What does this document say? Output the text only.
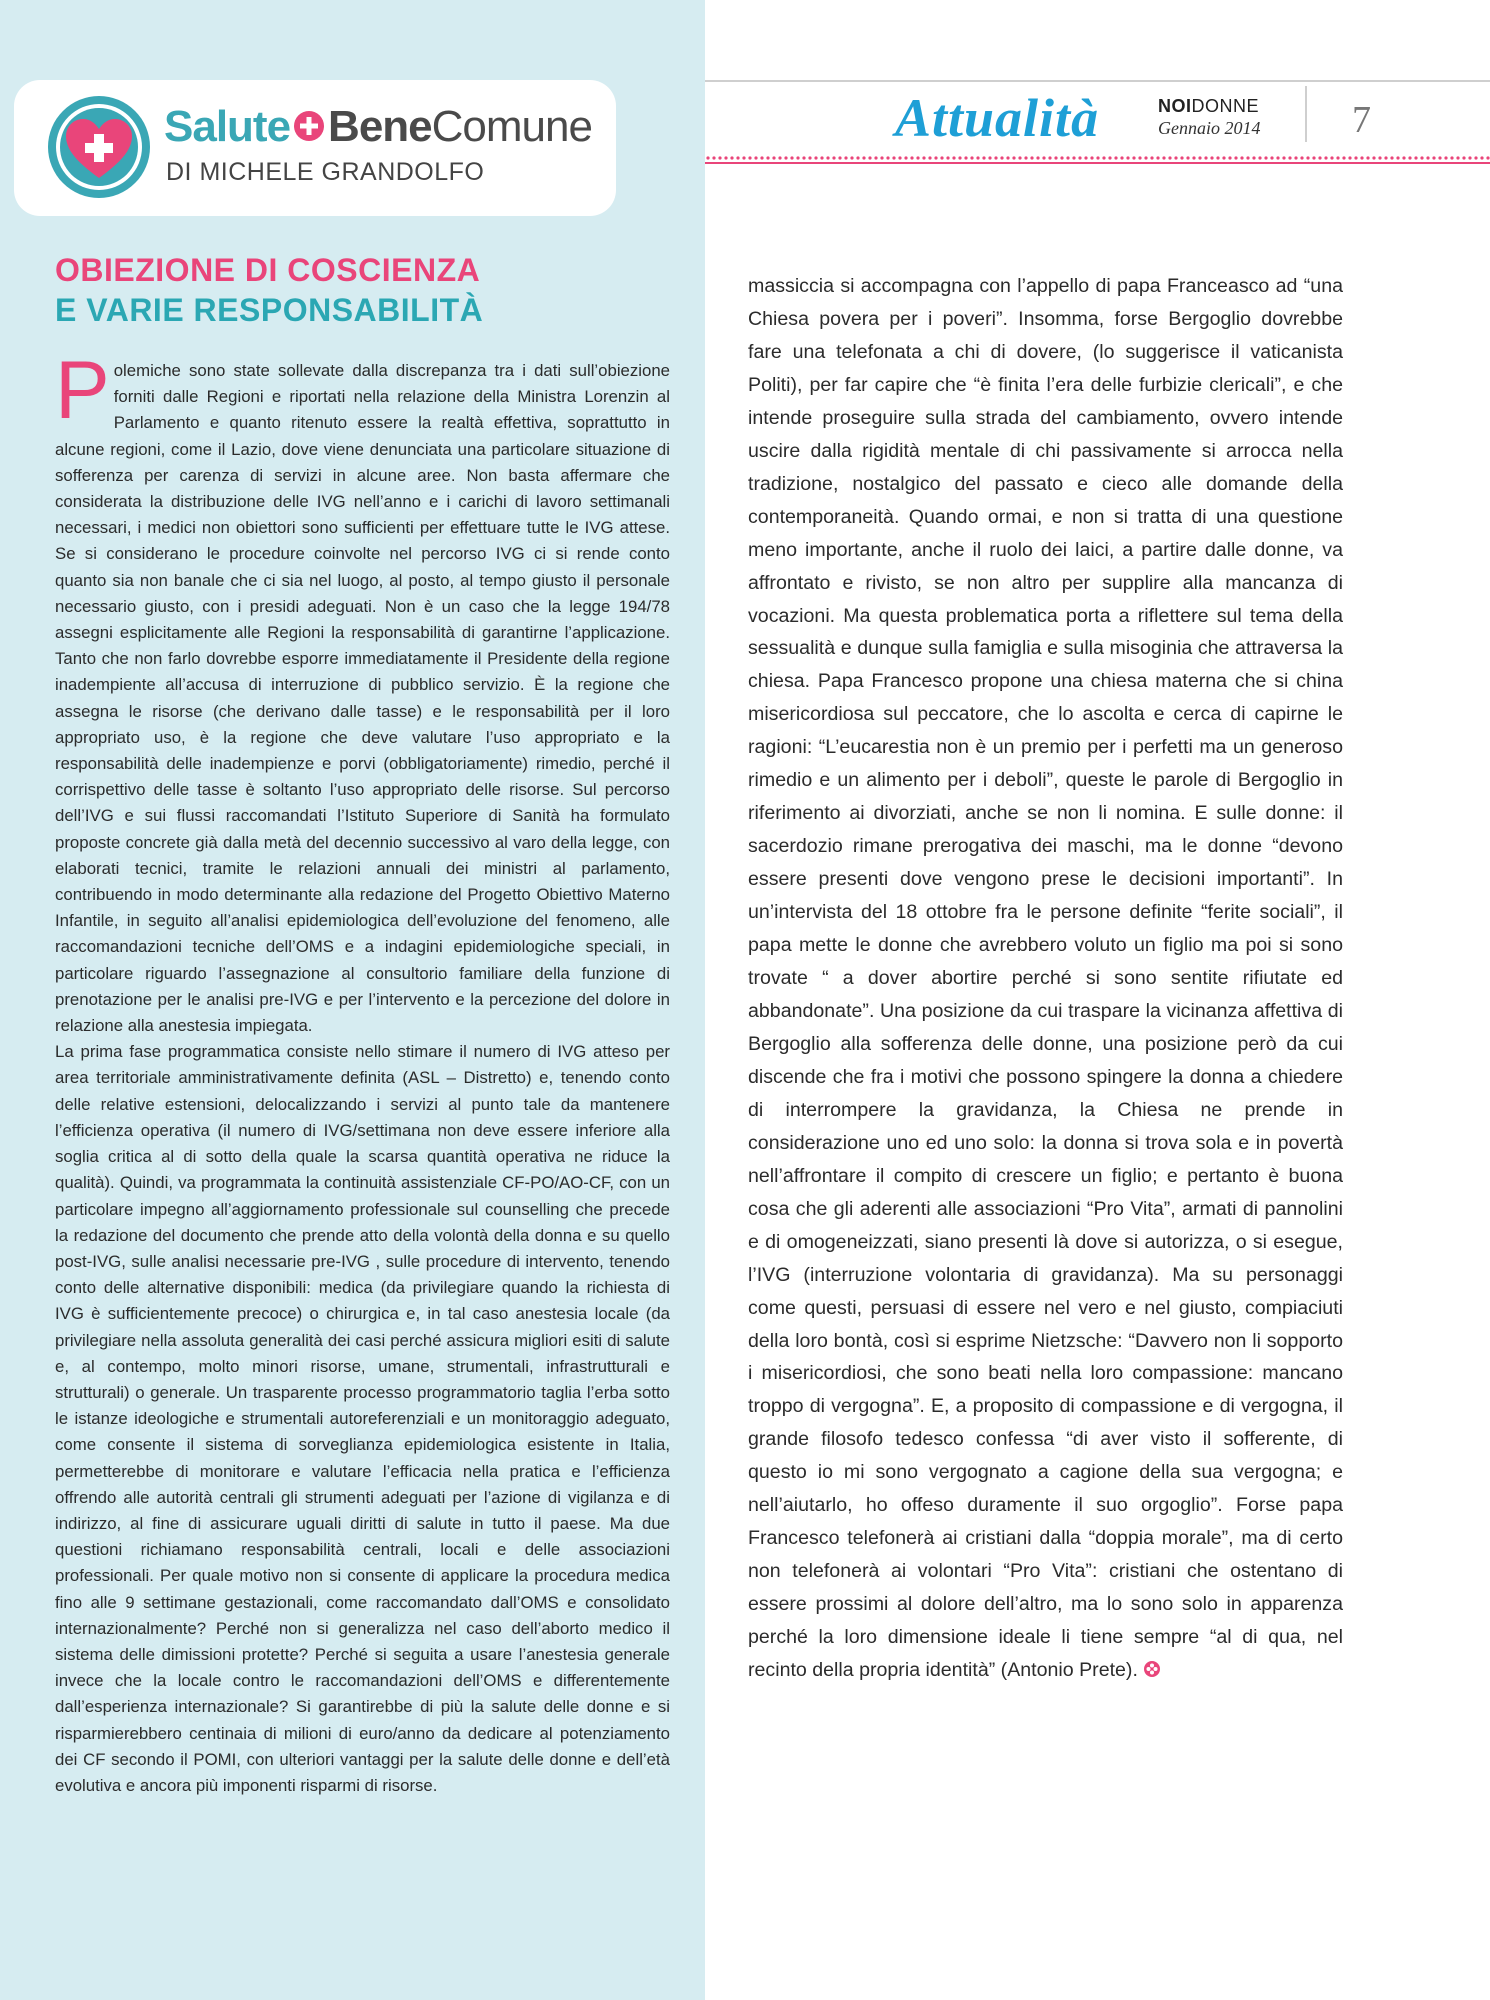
Salute BeneComune
DI MICHELE GRANDOLFO
OBIEZIONE DI COSCIENZA
E VARIE RESPONSABILITÀ

Polemiche sono state sollevate dalla discrepanza tra i dati sull’obiezione forniti dalle Regioni e riportati nella relazione della Ministra Lorenzin al Parlamento e quanto ritenuto essere la realtà effettiva, soprattutto in alcune regioni, come il Lazio, dove viene denunciata una particolare situazione di sofferenza per carenza di servizi in alcune aree. Non basta affermare che considerata la distribuzione delle IVG nell’anno e i carichi di lavoro settimanali necessari, i medici non obiettori sono sufficienti per effettuare tutte le IVG attese. Se si considerano le procedure coinvolte nel percorso IVG ci si rende conto quanto sia non banale che ci sia nel luogo, al posto, al tempo giusto il personale necessario giusto, con i presidi adeguati. Non è un caso che la legge 194/78 assegni esplicitamente alle Regioni la responsabilità di garantirne l’applicazione. Tanto che non farlo dovrebbe esporre immediatamente il Presidente della regione inadempiente all’accusa di interruzione di pubblico servizio. È la regione che assegna le risorse (che derivano dalle tasse) e le responsabilità per il loro appropriato uso, è la regione che deve valutare l’uso appropriato e la responsabilità delle inadempienze e porvi (obbligatoriamente) rimedio, perché il corrispettivo delle tasse è soltanto l’uso appropriato delle risorse. Sul percorso dell’IVG e sui flussi raccomandati l’Istituto Superiore di Sanità ha formulato proposte concrete già dalla metà del decennio successivo al varo della legge, con elaborati tecnici, tramite le relazioni annuali dei ministri al parlamento, contribuendo in modo determinante alla redazione del Progetto Obiettivo Materno Infantile, in seguito all’analisi epidemiologica dell’evoluzione del fenomeno, alle raccomandazioni tecniche dell’OMS e a indagini epidemiologiche speciali, in particolare riguardo l’assegnazione al consultorio familiare della funzione di prenotazione per le analisi pre-IVG e per l’intervento e la percezione del dolore in relazione alla anestesia impiegata.

La prima fase programmatica consiste nello stimare il numero di IVG atteso per area territoriale amministrativamente definita (ASL – Distretto) e, tenendo conto delle relative estensioni, delocalizzando i servizi al punto tale da mantenere l’efficienza operativa (il numero di IVG/settimana non deve essere inferiore alla soglia critica al di sotto della quale la scarsa quantità operativa ne riduce la qualità). Quindi, va programmata la continuità assistenziale CF-PO/AO-CF, con un particolare impegno all’aggiornamento professionale sul counselling che precede la redazione del documento che prende atto della volontà della donna e su quello post-IVG, sulle analisi necessarie pre-IVG , sulle procedure di intervento, tenendo conto delle alternative disponibili: medica (da privilegiare quando la richiesta di IVG è sufficientemente precoce) o chirurgica e, in tal caso anestesia locale (da privilegiare nella assoluta generalità dei casi perché assicura migliori esiti di salute e, al contempo, molto minori risorse, umane, strumentali, infrastrutturali e strutturali) o generale. Un trasparente processo programmatorio taglia l’erba sotto le istanze ideologiche e strumentali autoreferenziali e un monitoraggio adeguato, come consente il sistema di sorveglianza epidemiologica esistente in Italia, permetterebbe di monitorare e valutare l’efficacia nella pratica e l’efficienza offrendo alle autorità centrali gli strumenti adeguati per l’azione di vigilanza e di indirizzo, al fine di assicurare uguali diritti di salute in tutto il paese. Ma due questioni richiamano responsabilità centrali, locali e delle associazioni professionali. Per quale motivo non si consente di applicare la procedura medica fino alle 9 settimane gestazionali, come raccomandato dall’OMS e consolidato internazionalmente? Perché non si generalizza nel caso dell’aborto medico il sistema delle dimissioni protette? Perché si seguita a usare l’anestesia generale invece che la locale contro le raccomandazioni dell’OMS e differentemente dall’esperienza internazionale? Si garantirebbe di più la salute delle donne e si risparmierebbero centinaia di milioni di euro/anno da dedicare al potenziamento dei CF secondo il POMI, con ulteriori vantaggi per la salute delle donne e dell’età evolutiva e ancora più imponenti risparmi di risorse.

Attualità	NOIDONNE
Gennaio 2014 7

massiccia si accompagna con l’appello di papa Franceasco ad “una Chiesa povera per i poveri”. Insomma, forse Bergoglio dovrebbe fare una telefonata a chi di dovere, (lo suggerisce il vaticanista Politi), per far capire che “è finita l’era delle furbizie clericali”, e che intende proseguire sulla strada del cambiamento, ovvero intende uscire dalla rigidità mentale di chi passivamente si arrocca nella tradizione, nostalgico del passato e cieco alle domande della contemporaneità. Quando ormai, e non si tratta di una questione meno importante, anche il ruolo dei laici, a partire dalle donne, va affrontato e rivisto, se non altro per supplire alla mancanza di vocazioni. Ma questa problematica porta a riflettere sul tema della sessualità e dunque sulla famiglia e sulla misoginia che attraversa la chiesa. Papa Francesco propone una chiesa materna che si china misericordiosa sul peccatore, che lo ascolta e cerca di capirne le ragioni: “L’eucarestia non è un premio per i perfetti ma un generoso rimedio e un alimento per i deboli”, queste le parole di Bergoglio in riferimento ai divorziati, anche se non li nomina. E sulle donne: il sacerdozio rimane prerogativa dei maschi, ma le donne “devono essere presenti dove vengono prese le decisioni importanti”. In un’intervista del 18 ottobre fra le persone definite “ferite sociali”, il papa mette le donne che avrebbero voluto un figlio ma poi si sono trovate “ a dover abortire perché si sono sentite rifiutate ed abbandonate”. Una posizione da cui traspare la vicinanza affettiva di Bergoglio alla sofferenza delle donne, una posizione però da cui discende che fra i motivi che possono spingere la donna a chiedere di interrompere la gravidanza, la Chiesa ne prende in considerazione uno ed uno solo: la donna si trova sola e in povertà nell’affrontare il compito di crescere un figlio; e pertanto è buona cosa che gli aderenti alle associazioni “Pro Vita”, armati di pannolini e di omogeneizzati, siano presenti là dove si autorizza, o si esegue, l’IVG (interruzione volontaria di gravidanza). Ma su personaggi come questi, persuasi di essere nel vero e nel giusto, compiaciuti della loro bontà, così si esprime Nietzsche: “Davvero non li sopporto i misericordiosi, che sono beati nella loro compassione: mancano troppo di vergogna”. E, a proposito di compassione e di vergogna, il grande filosofo tedesco confessa “di aver visto il sofferente, di questo io mi sono vergognato a cagione della sua vergogna; e nell’aiutarlo, ho offeso duramente il suo orgoglio”. Forse papa Francesco telefonerà ai cristiani dalla “doppia morale”, ma di certo non telefonerà ai volontari “Pro Vita”: cristiani che ostentano di essere prossimi al dolore dell’altro, ma lo sono solo in apparenza perché la loro dimensione ideale li tiene sempre “al di qua, nel recinto della propria identità” (Antonio Prete).
